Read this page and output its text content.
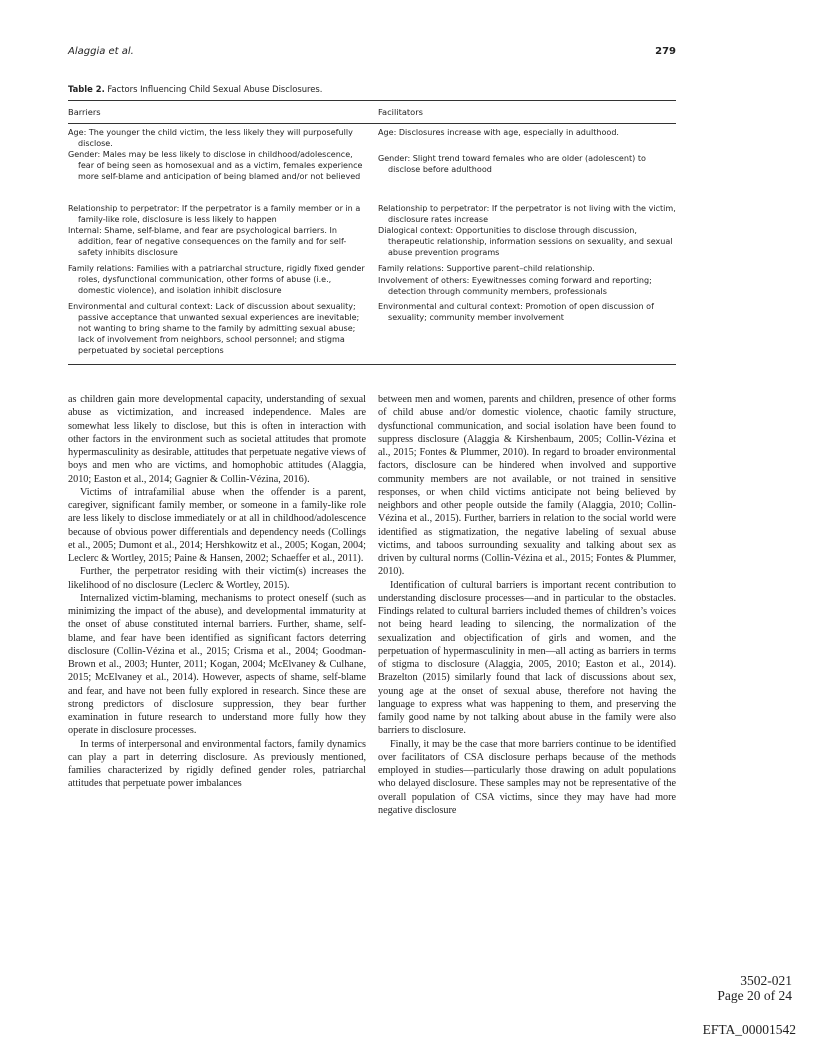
Alaggia et al.	279
Table 2. Factors Influencing Child Sexual Abuse Disclosures.
Barriers	Facilitators
Age: The younger the child victim, the less likely they will purposefully disclose.
Gender: Males may be less likely to disclose in childhood/adolescence, fear of being seen as homosexual and as a victim, females experience more self-blame and anticipation of being blamed and/or not believed
Relationship to perpetrator: If the perpetrator is a family member or in a family-like role, disclosure is less likely to happen
Internal: Shame, self-blame, and fear are psychological barriers. In addition, fear of negative consequences on the family and for self-safety inhibits disclosure
Family relations: Families with a patriarchal structure, rigidly fixed gender roles, dysfunctional communication, other forms of abuse (i.e., domestic violence), and isolation inhibit disclosure
Environmental and cultural context: Lack of discussion about sexuality; passive acceptance that unwanted sexual experiences are inevitable; not wanting to bring shame to the family by admitting sexual abuse; lack of involvement from neighbors, school personnel; and stigma perpetuated by societal perceptions
Age: Disclosures increase with age, especially in adulthood.
Gender: Slight trend toward females who are older (adolescent) to disclose before adulthood
Relationship to perpetrator: If the perpetrator is not living with the victim, disclosure rates increase
Dialogical context: Opportunities to disclose through discussion, therapeutic relationship, information sessions on sexuality, and sexual abuse prevention programs
Family relations: Supportive parent–child relationship.
Involvement of others: Eyewitnesses coming forward and reporting; detection through community members, professionals
Environmental and cultural context: Promotion of open discussion of sexuality; community member involvement

as children gain more developmental capacity, understanding of sexual abuse as victimization, and increased independence. Males are somewhat less likely to disclose, but this is often in interaction with other factors in the environment such as societal attitudes that promote hypermasculinity as desirable, attitudes that perpetuate negative views of boys and men who are victims, and homophobic attitudes (Alaggia, 2010; Easton et al., 2014; Gagnier & Collin-Vézina, 2016).

Victims of intrafamilial abuse when the offender is a parent, caregiver, significant family member, or someone in a family-like role are less likely to disclose immediately or at all in childhood/adolescence because of obvious power differentials and dependency needs (Collings et al., 2005; Dumont et al., 2014; Hershkowitz et al., 2005; Kogan, 2004; Leclerc & Wortley, 2015; Paine & Hansen, 2002; Schaeffer et al., 2011).

Further, the perpetrator residing with their victim(s) increases the likelihood of no disclosure (Leclerc & Wortley, 2015).

Internalized victim-blaming, mechanisms to protect oneself (such as minimizing the impact of the abuse), and developmental immaturity at the onset of abuse constituted internal barriers. Further, shame, self-blame, and fear have been identified as significant factors deterring disclosure (Collin-Vézina et al., 2015; Crisma et al., 2004; Goodman-Brown et al., 2003; Hunter, 2011; Kogan, 2004; McElvaney & Culhane, 2015; McElvaney et al., 2014). However, aspects of shame, self-blame and fear, and have not been fully explored in research. Since these are strong predictors of disclosure suppression, they bear further examination in future research to understand more fully how they operate in disclosure processes.

In terms of interpersonal and environmental factors, family dynamics can play a part in deterring disclosure. As previously mentioned, families characterized by rigidly defined gender roles, patriarchal attitudes that perpetuate power imbalances

between men and women, parents and children, presence of other forms of child abuse and/or domestic violence, chaotic family structure, dysfunctional communication, and social isolation have been found to suppress disclosure (Alaggia & Kirshenbaum, 2005; Collin-Vézina et al., 2015; Fontes & Plummer, 2010). In regard to broader environmental factors, disclosure can be hindered when involved and supportive community members are not available, or not trained in sensitive responses, or when child victims anticipate not being believed by neighbors and other people outside the family (Alaggia, 2010; Collin-Vézina et al., 2015). Further, barriers in relation to the social world were identified as stigmatization, the negative labeling of sexual abuse victims, and taboos surrounding sexuality and talking about sex as driven by cultural norms (Collin-Vézina et al., 2015; Fontes & Plummer, 2010).

Identification of cultural barriers is important recent contribution to understanding disclosure processes—and in particular to the obstacles. Findings related to cultural barriers included themes of children’s voices not being heard leading to silencing, the normalization of the sexualization and objectification of girls and women, and the perpetuation of hypermasculinity in men—all acting as barriers in terms of stigma to disclosure (Alaggia, 2005, 2010; Easton et al., 2014). Brazelton (2015) similarly found that lack of discussions about sex, young age at the onset of sexual abuse, therefore not having the language to express what was happening to them, and preserving the family good name by not talking about abuse in the family were also barriers to disclosure.

Finally, it may be the case that more barriers continue to be identified over facilitators of CSA disclosure perhaps because of the methods employed in studies—particularly those drawing on adult populations who delayed disclosure. These samples may not be representative of the overall population of CSA victims, since they may have had more negative disclosure

3502-021
Page 20 of 24
EFTA_00001542
